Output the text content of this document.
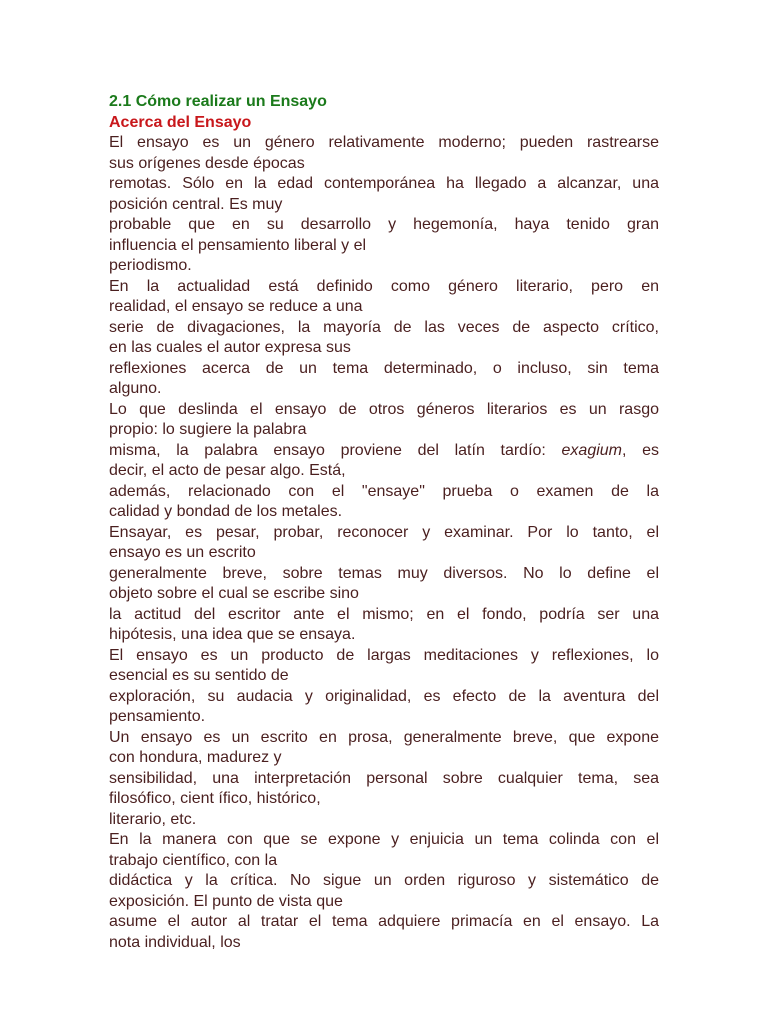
2.1 Cómo realizar un Ensayo
Acerca del Ensayo
El ensayo es un género relativamente moderno; pueden rastrearse
sus orígenes desde épocas
remotas. Sólo en la edad contemporánea ha llegado a alcanzar, una
posición central. Es muy
probable que en su desarrollo y hegemonía, haya tenido gran
influencia el pensamiento liberal y el
periodismo.
En la actualidad está definido como género literario, pero en
realidad, el ensayo se reduce a una
serie de divagaciones, la mayoría de las veces de aspecto crítico,
en las cuales el autor expresa sus
reflexiones acerca de un tema determinado, o incluso, sin tema
alguno.
Lo que deslinda el ensayo de otros géneros literarios es un rasgo
propio: lo sugiere la palabra
misma, la palabra ensayo proviene del latín tardío: exagium, es
decir, el acto de pesar algo. Está,
además, relacionado con el "ensaye" prueba o examen de la
calidad y bondad de los metales.
Ensayar, es pesar, probar, reconocer y examinar. Por lo tanto, el
ensayo es un escrito
generalmente breve, sobre temas muy diversos. No lo define el
objeto sobre el cual se escribe sino
la actitud del escritor ante el mismo; en el fondo, podría ser una
hipótesis, una idea que se ensaya.
El ensayo es un producto de largas meditaciones y reflexiones, lo
esencial es su sentido de
exploración, su audacia y originalidad, es efecto de la aventura del
pensamiento.
Un ensayo es un escrito en prosa, generalmente breve, que expone
con hondura, madurez y
sensibilidad, una interpretación personal sobre cualquier tema, sea
filosófico, cient ífico, histórico,
literario, etc.
En la manera con que se expone y enjuicia un tema colinda con el
trabajo científico, con la
didáctica y la crítica. No sigue un orden riguroso y sistemático de
exposición. El punto de vista que
asume el autor al tratar el tema adquiere primacía en el ensayo. La
nota individual, los
